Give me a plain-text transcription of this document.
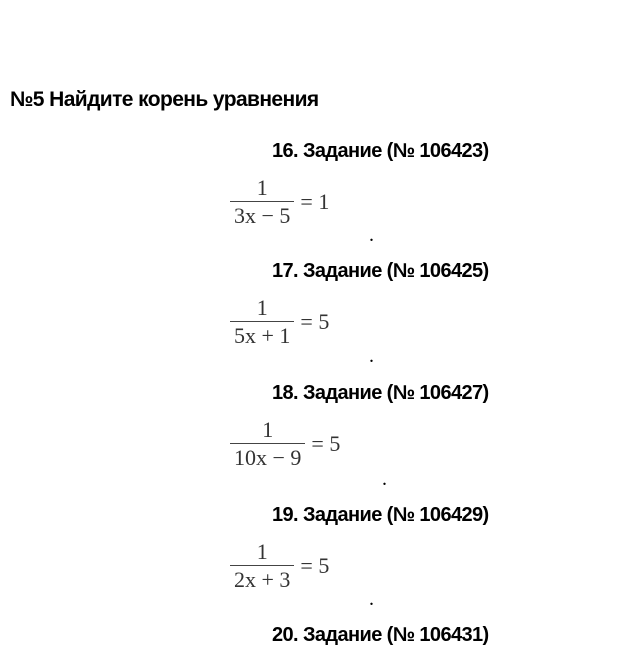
№5 Найдите корень уравнения
16. Задание (№ 106423)
$\frac{1}{3x - 5} = 1$
.
17. Задание (№ 106425)
$\frac{1}{5x + 1} = 5$
.
18. Задание (№ 106427)
$\frac{1}{10x - 9} = 5$
.
19. Задание (№ 106429)
$\frac{1}{2x + 3} = 5$
.
20. Задание (№ 106431)
